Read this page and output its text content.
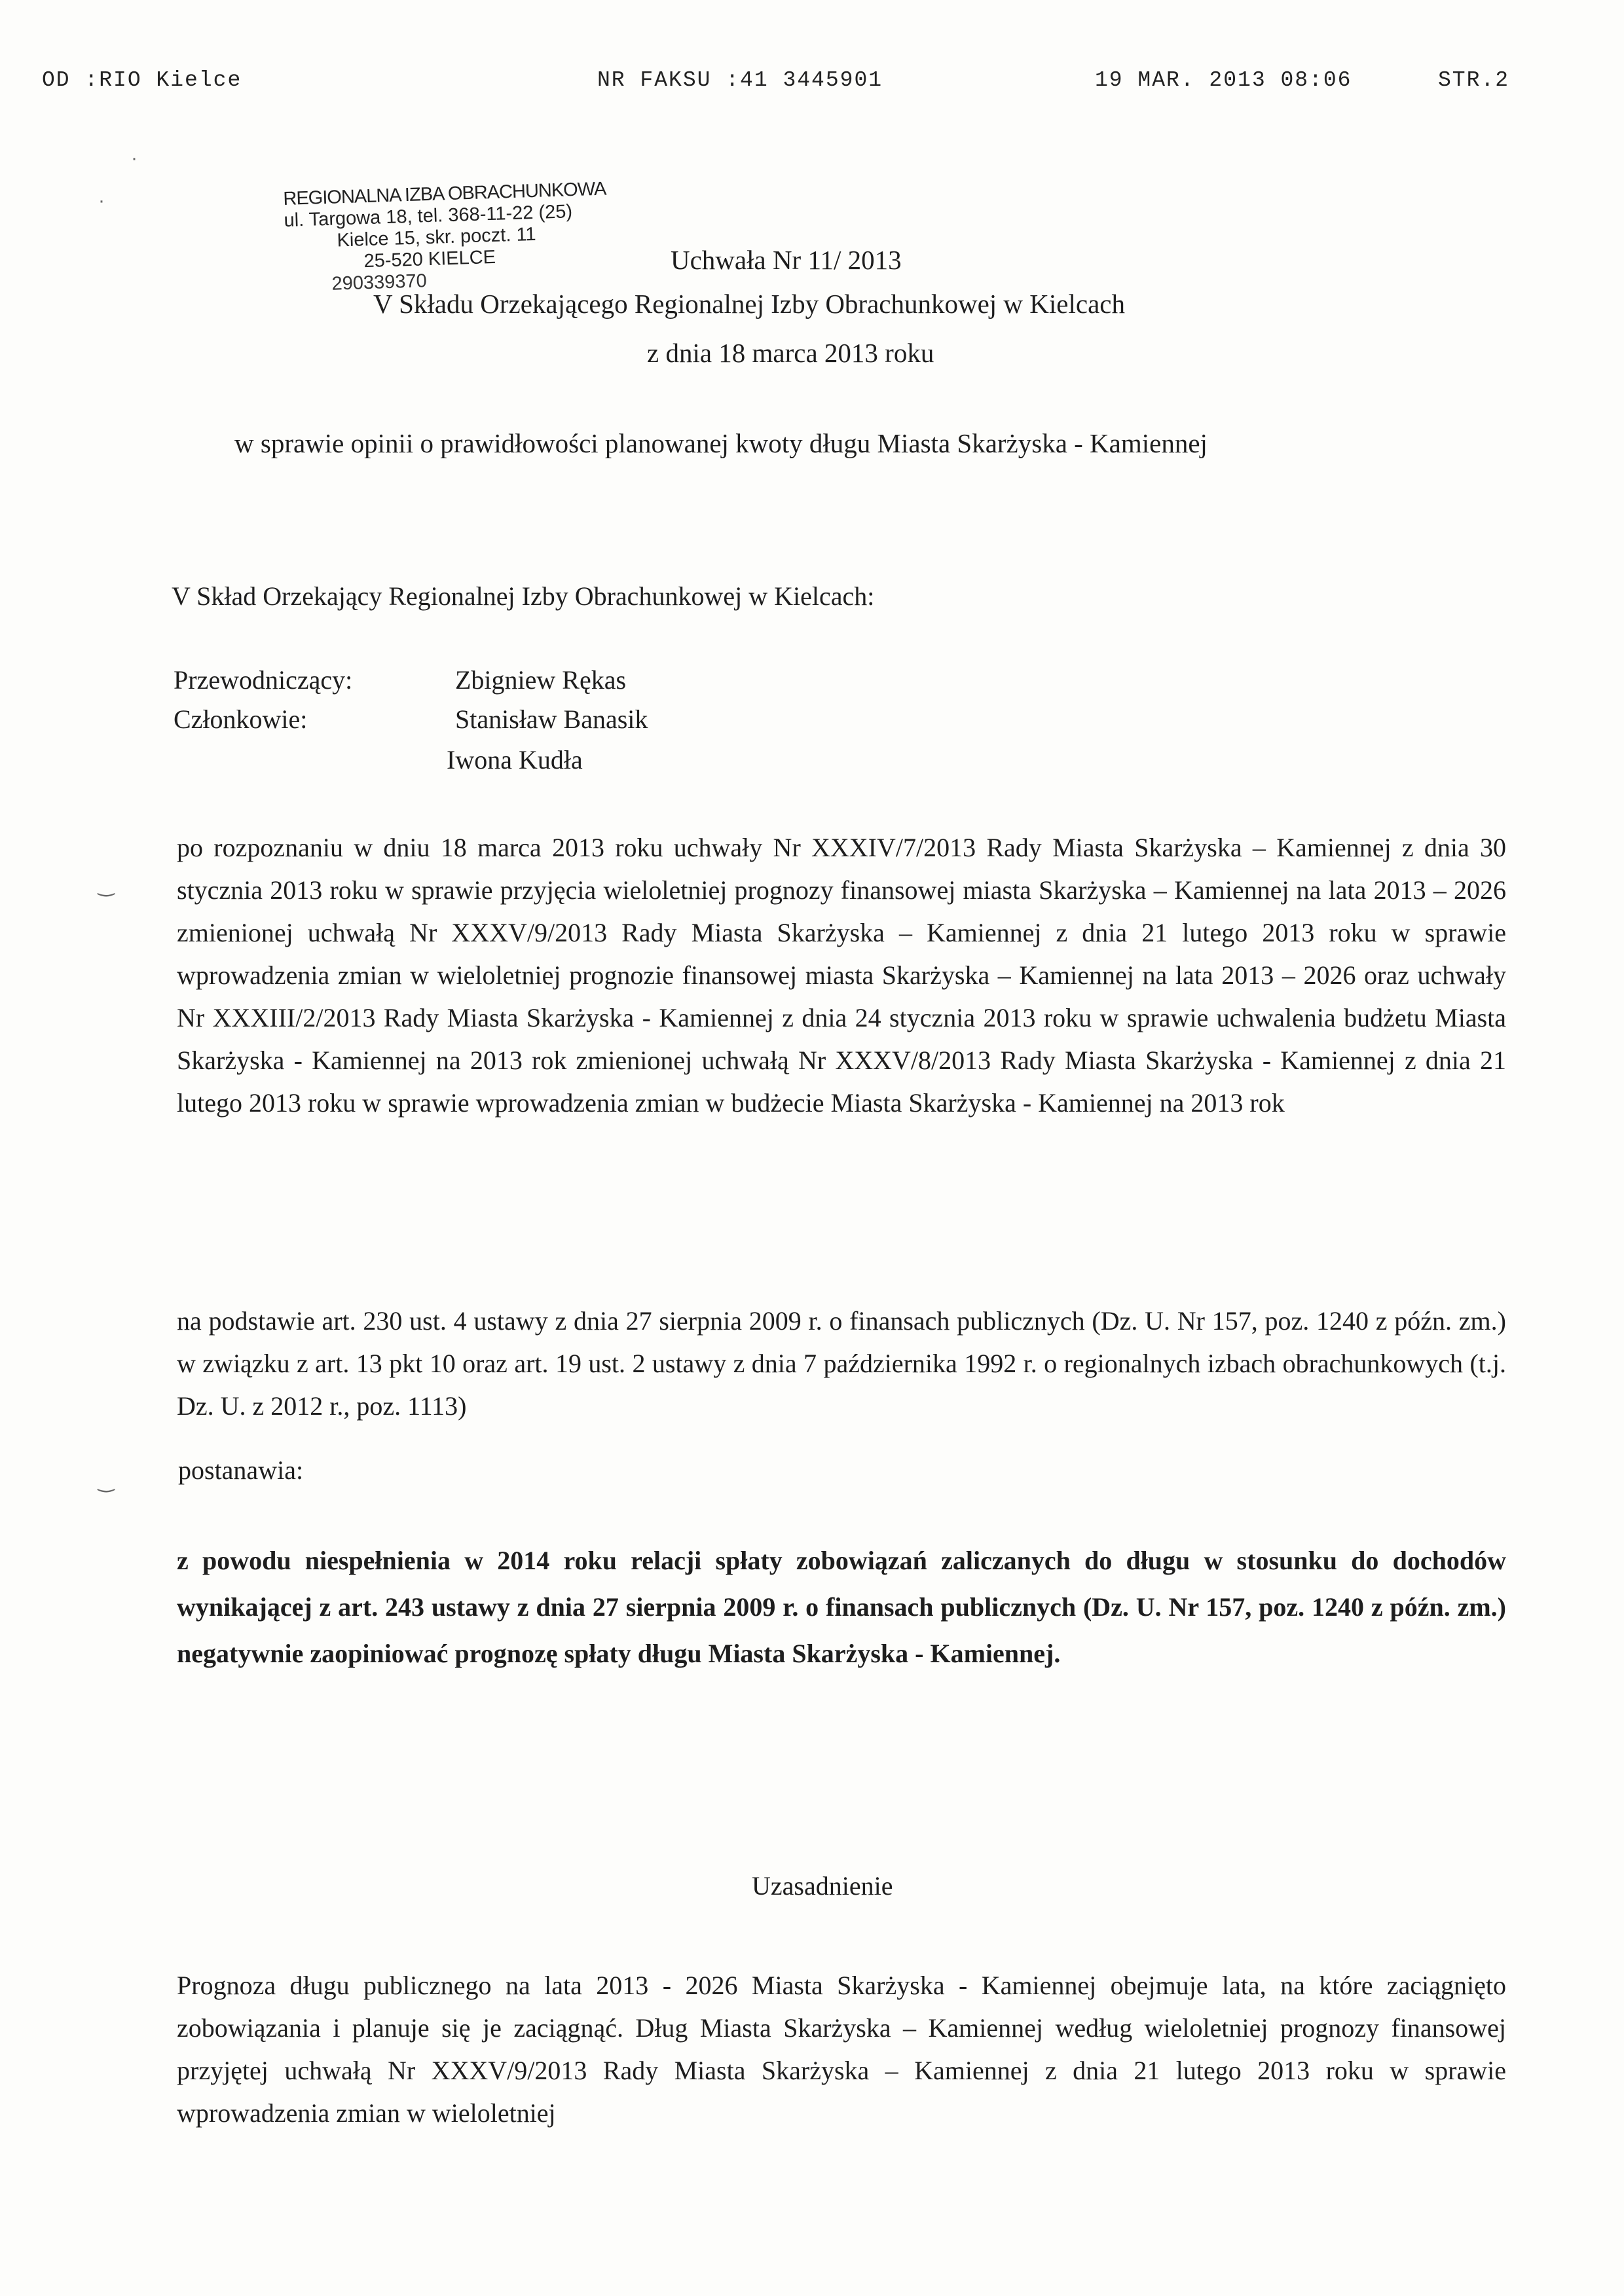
OD :RIO Kielce	NR FAKSU :41 3445901	19 MAR. 2013 08:06	STR.2
·
·
‿
‿
REGIONALNA IZBA OBRACHUNKOWA
ul. Targowa 18, tel. 368-11-22 (25)
Kielce 15, skr. poczt. 11
25-520 KIELCE
290339370
Uchwała Nr 11/ 2013
V Składu Orzekającego Regionalnej Izby Obrachunkowej w Kielcach
z dnia 18 marca 2013 roku
w sprawie opinii o prawidłowości planowanej kwoty długu Miasta Skarżyska - Kamiennej
V Skład Orzekający Regionalnej Izby Obrachunkowej w Kielcach:
Przewodniczący:	Zbigniew Rękas
Członkowie:	Stanisław Banasik
Iwona Kudła

po rozpoznaniu w dniu 18 marca 2013 roku uchwały Nr XXXIV/7/2013 Rady Miasta Skarżyska – Kamiennej z dnia 30 stycznia 2013 roku w sprawie przyjęcia wieloletniej prognozy finansowej miasta Skarżyska – Kamiennej na lata 2013 – 2026 zmienionej uchwałą Nr XXXV/9/2013 Rady Miasta Skarżyska – Kamiennej z dnia 21 lutego 2013 roku w sprawie wprowadzenia zmian w wieloletniej prognozie finansowej miasta Skarżyska – Kamiennej na lata 2013 – 2026 oraz uchwały Nr XXXIII/2/2013 Rady Miasta Skarżyska - Kamiennej z dnia 24 stycznia 2013 roku w sprawie uchwalenia budżetu Miasta Skarżyska - Kamiennej na 2013 rok zmienionej uchwałą Nr XXXV/8/2013 Rady Miasta Skarżyska - Kamiennej z dnia 21 lutego 2013 roku w sprawie wprowadzenia zmian w budżecie Miasta Skarżyska - Kamiennej na 2013 rok

na podstawie art. 230 ust. 4 ustawy z dnia 27 sierpnia 2009 r. o finansach publicznych (Dz. U. Nr 157, poz. 1240 z późn. zm.) w związku z art. 13 pkt 10 oraz art. 19 ust. 2 ustawy z dnia 7 października 1992 r. o regionalnych izbach obrachunkowych (t.j. Dz. U. z 2012 r., poz. 1113)

postanawia:

z powodu niespełnienia w 2014 roku relacji spłaty zobowiązań zaliczanych do długu w stosunku do dochodów wynikającej z art. 243 ustawy z dnia 27 sierpnia 2009 r. o finansach publicznych (Dz. U. Nr 157, poz. 1240 z późn. zm.) negatywnie zaopiniować prognozę spłaty długu Miasta Skarżyska - Kamiennej.

Uzasadnienie

Prognoza długu publicznego na lata 2013 - 2026 Miasta Skarżyska - Kamiennej obejmuje lata, na które zaciągnięto zobowiązania i planuje się je zaciągnąć. Dług Miasta Skarżyska – Kamiennej według wieloletniej prognozy finansowej przyjętej uchwałą Nr XXXV/9/2013 Rady Miasta Skarżyska – Kamiennej z dnia 21 lutego 2013 roku w sprawie wprowadzenia zmian w wieloletniej
